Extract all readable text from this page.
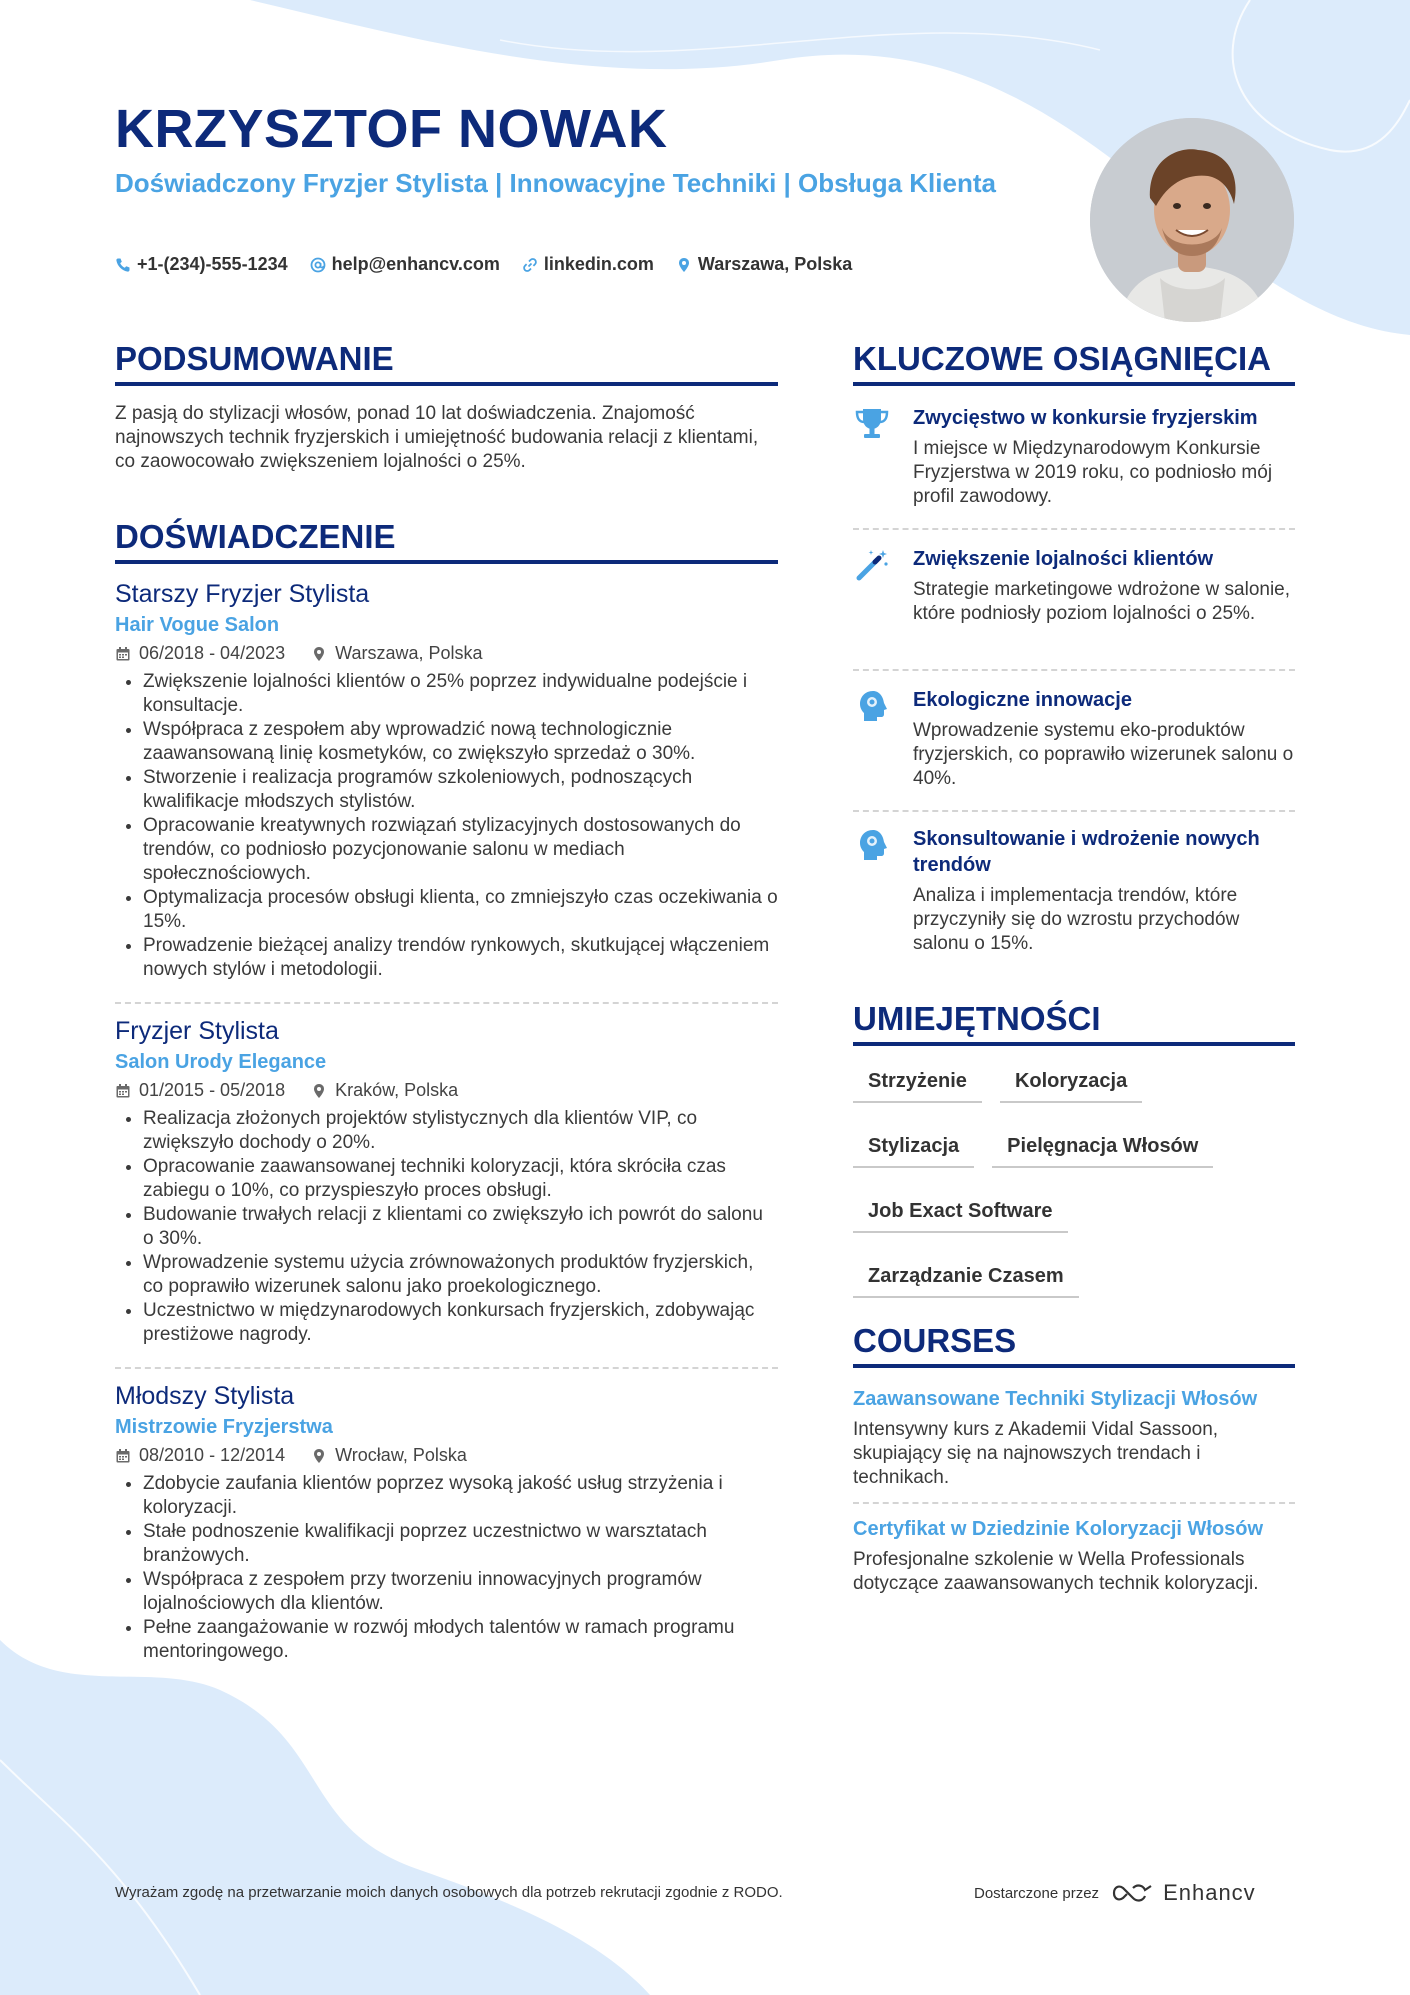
KRZYSZTOF NOWAK
Doświadczony Fryzjer Stylista | Innowacyjne Techniki | Obsługa Klienta
+1-(234)-555-1234 help@enhancv.com linkedin.com Warszawa, Polska
PODSUMOWANIE
Z pasją do stylizacji włosów, ponad 10 lat doświadczenia. Znajomość najnowszych technik fryzjerskich i umiejętność budowania relacji z klientami, co zaowocowało zwiększeniem lojalności o 25%.
DOŚWIADCZENIE
Starszy Fryzjer Stylista
Hair Vogue Salon
06/2018 - 04/2023	Warszawa, Polska
• Zwiększenie lojalności klientów o 25% poprzez indywidualne podejście i konsultacje.
• Współpraca z zespołem aby wprowadzić nową technologicznie zaawansowaną linię kosmetyków, co zwiększyło sprzedaż o 30%.
• Stworzenie i realizacja programów szkoleniowych, podnoszących kwalifikacje młodszych stylistów.
• Opracowanie kreatywnych rozwiązań stylizacyjnych dostosowanych do trendów, co podniosło pozycjonowanie salonu w mediach społecznościowych.
• Optymalizacja procesów obsługi klienta, co zmniejszyło czas oczekiwania o 15%.
• Prowadzenie bieżącej analizy trendów rynkowych, skutkującej włączeniem nowych stylów i metodologii.
Fryzjer Stylista
Salon Urody Elegance
01/2015 - 05/2018	Kraków, Polska
• Realizacja złożonych projektów stylistycznych dla klientów VIP, co zwiększyło dochody o 20%.
• Opracowanie zaawansowanej techniki koloryzacji, która skróciła czas zabiegu o 10%, co przyspieszyło proces obsługi.
• Budowanie trwałych relacji z klientami co zwiększyło ich powrót do salonu o 30%.
• Wprowadzenie systemu użycia zrównoważonych produktów fryzjerskich, co poprawiło wizerunek salonu jako proekologicznego.
• Uczestnictwo w międzynarodowych konkursach fryzjerskich, zdobywając prestiżowe nagrody.
Młodszy Stylista
Mistrzowie Fryzjerstwa
08/2010 - 12/2014	Wrocław, Polska
• Zdobycie zaufania klientów poprzez wysoką jakość usług strzyżenia i koloryzacji.
• Stałe podnoszenie kwalifikacji poprzez uczestnictwo w warsztatach branżowych.
• Współpraca z zespołem przy tworzeniu innowacyjnych programów lojalnościowych dla klientów.
• Pełne zaangażowanie w rozwój młodych talentów w ramach programu mentoringowego.
KLUCZOWE OSIĄGNIĘCIA
Zwycięstwo w konkursie fryzjerskim
I miejsce w Międzynarodowym Konkursie Fryzjerstwa w 2019 roku, co podniosło mój profil zawodowy.
Zwiększenie lojalności klientów
Strategie marketingowe wdrożone w salonie, które podniosły poziom lojalności o 25%.
Ekologiczne innowacje
Wprowadzenie systemu eko-produktów fryzjerskich, co poprawiło wizerunek salonu o 40%.
Skonsultowanie i wdrożenie nowych trendów
Analiza i implementacja trendów, które przyczyniły się do wzrostu przychodów salonu o 15%.
UMIEJĘTNOŚCI
Strzyżenie	Koloryzacja
Stylizacja	Pielęgnacja Włosów
Job Exact Software
Zarządzanie Czasem
COURSES
Zaawansowane Techniki Stylizacji Włosów
Intensywny kurs z Akademii Vidal Sassoon, skupiający się na najnowszych trendach i technikach.
Certyfikat w Dziedzinie Koloryzacji Włosów
Profesjonalne szkolenie w Wella Professionals dotyczące zaawansowanych technik koloryzacji.
Wyrażam zgodę na przetwarzanie moich danych osobowych dla potrzeb rekrutacji zgodnie z RODO.	Dostarczone przez	Enhancv
